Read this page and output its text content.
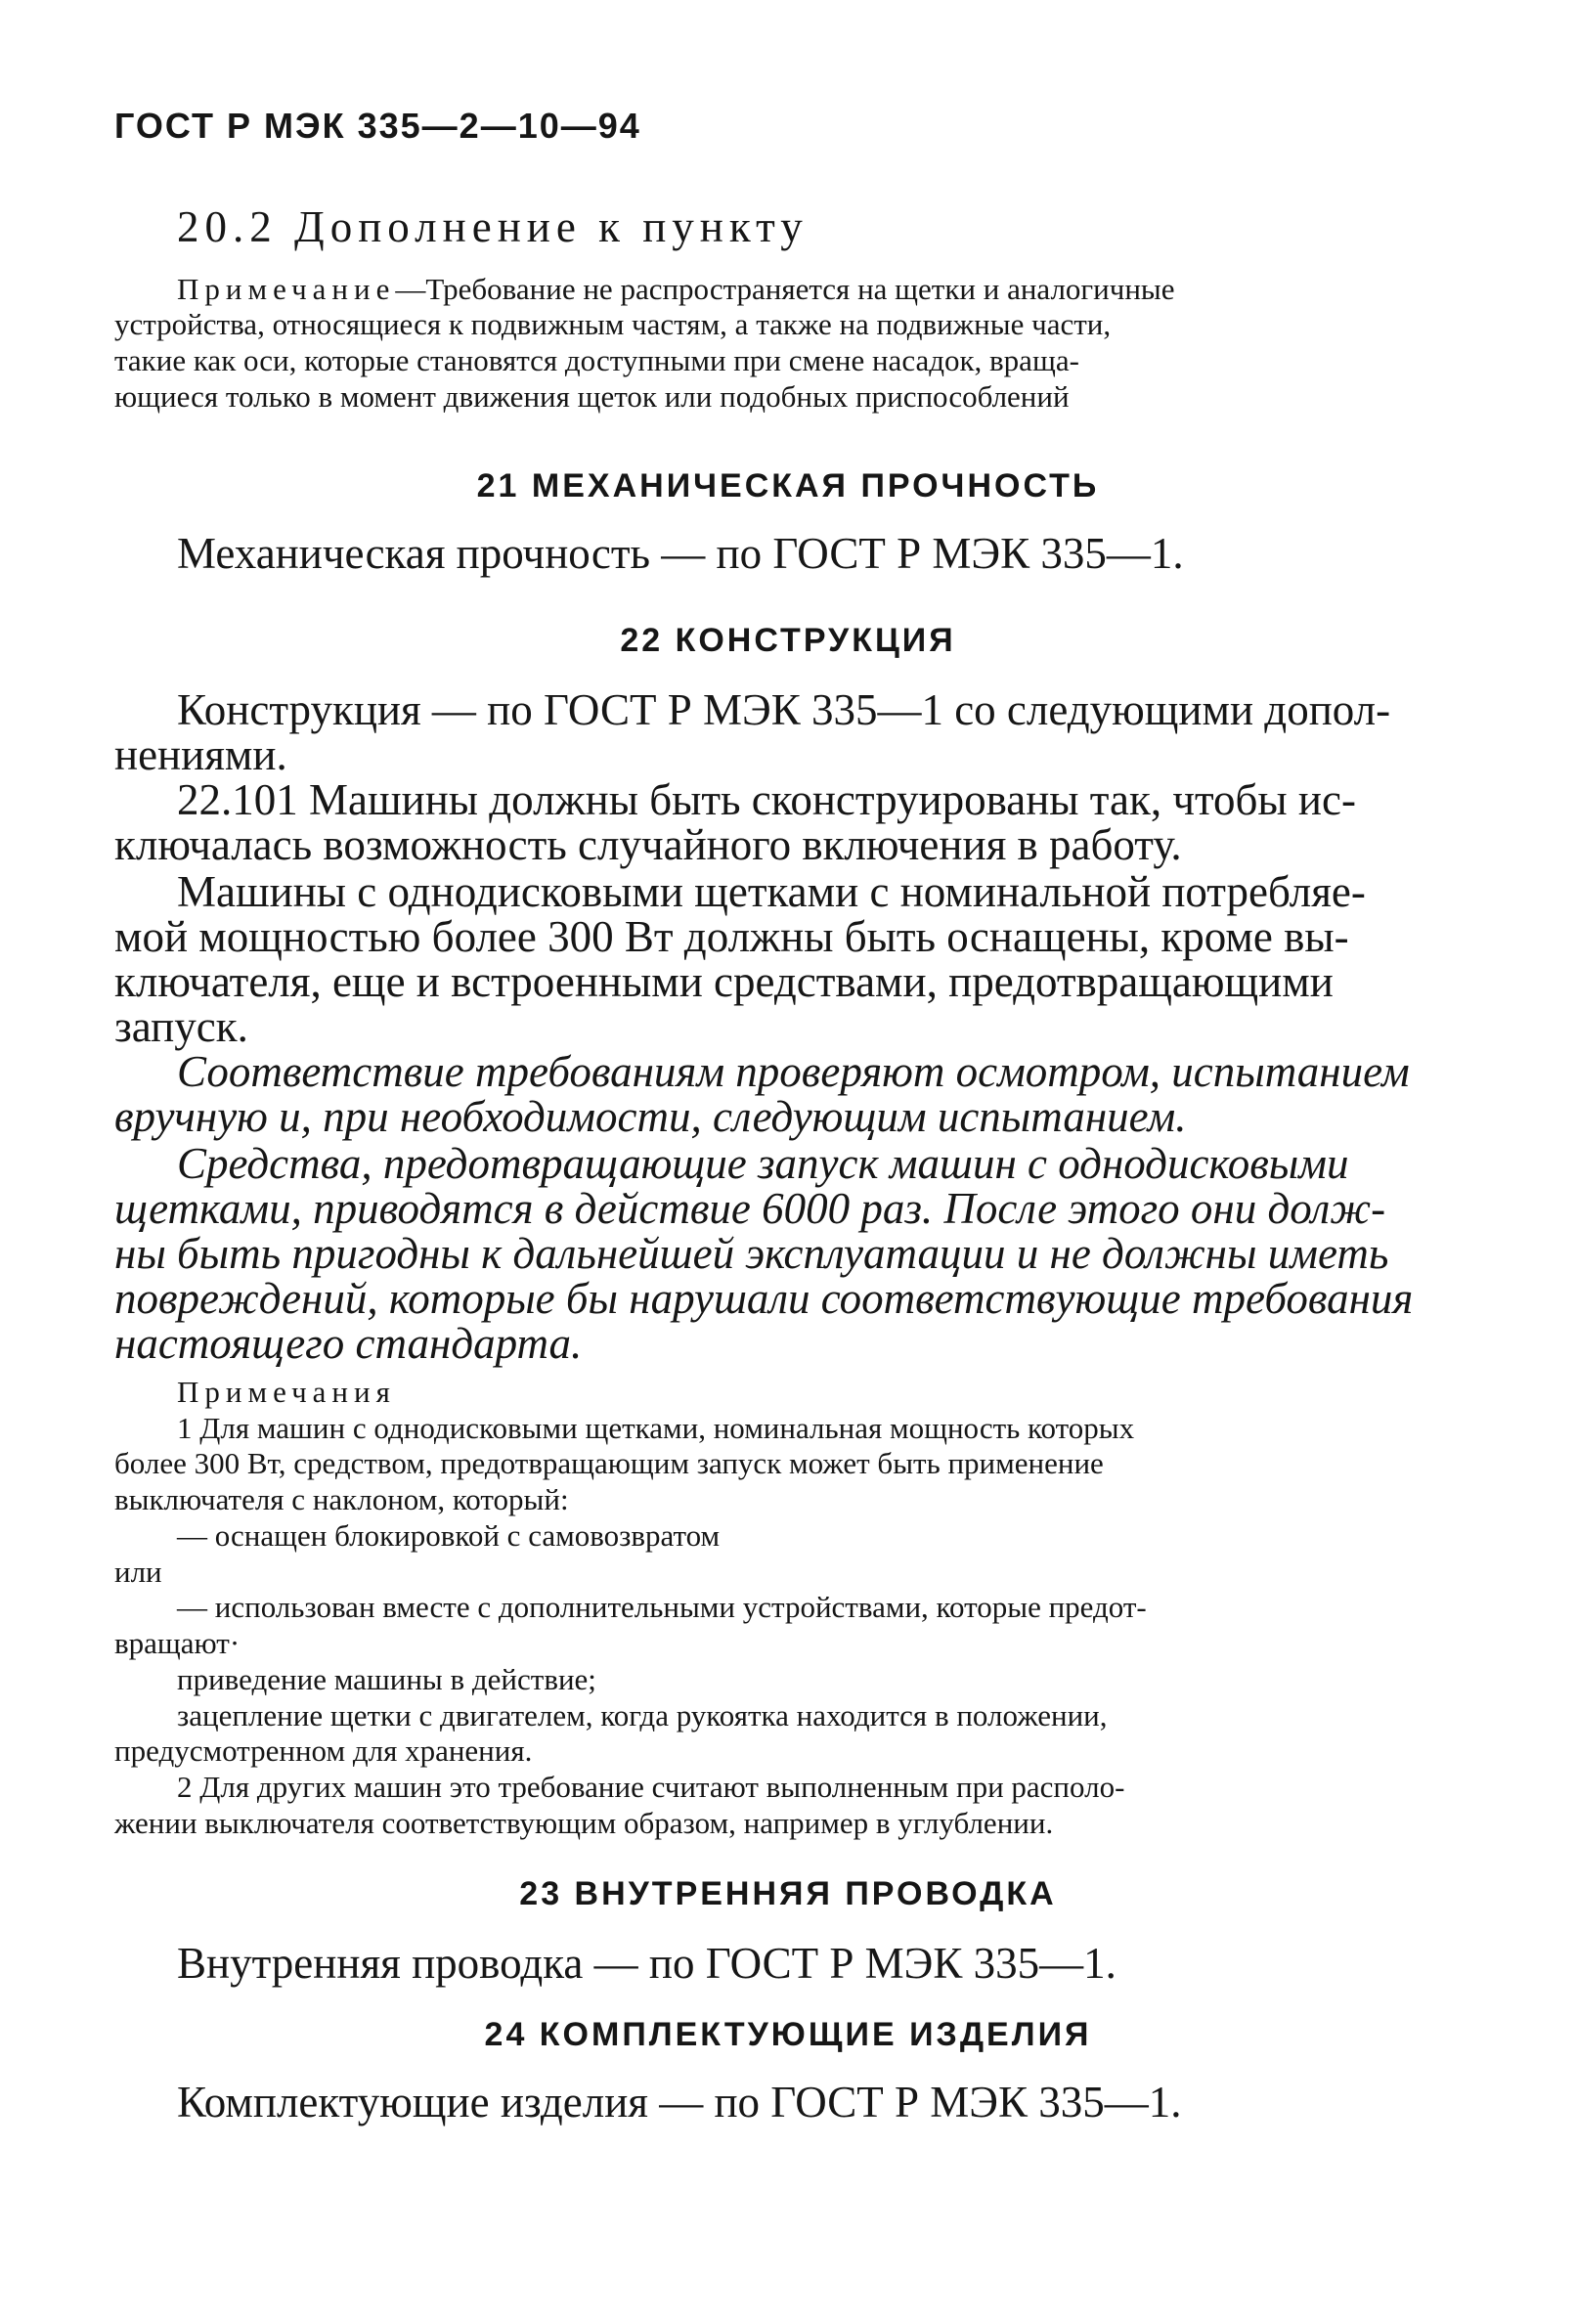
ГОСТ Р МЭК 335—2—10—94

20.2 Дополнение к пункту

Примечание—Требование не распространяется на щетки и аналогичные
устройства, относящиеся к подвижным частям, а также на подвижные части,
такие как оси, которые становятся доступными при смене насадок, враща-
ющиеся только в момент движения щеток или подобных приспособлений

21 МЕХАНИЧЕСКАЯ ПРОЧНОСТЬ

Механическая прочность — по ГОСТ Р МЭК 335—1.

22 КОНСТРУКЦИЯ

Конструкция — по ГОСТ Р МЭК 335—1 со следующими допол-

нениями.

22.101 Машины должны быть сконструированы так, чтобы ис-

ключалась возможность случайного включения в работу.

Машины с однодисковыми щетками с номинальной потребляе-

мой мощностью более 300 Вт должны быть оснащены, кроме вы-

ключателя, еще и встроенными средствами, предотвращающими

запуск.

Соответствие требованиям проверяют осмотром, испытанием

вручную и, при необходимости, следующим испытанием.

Средства, предотвращающие запуск машин с однодисковыми

щетками, приводятся в действие 6000 раз. После этого они долж-

ны быть пригодны к дальнейшей эксплуатации и не должны иметь

повреждений, которые бы нарушали соответствующие требования

настоящего стандарта.

Примечания

1 Для машин с однодисковыми щетками, номинальная мощность которых

более 300 Вт, средством, предотвращающим запуск может быть применение

выключателя с наклоном, который:

— оснащен блокировкой с самовозвратом

или

— использован вместе с дополнительными устройствами, которые предот-

вращают·

приведение машины в действие;

зацепление щетки с двигателем, когда рукоятка находится в положении,

предусмотренном для хранения.

2 Для других машин это требование считают выполненным при располо-

жении выключателя соответствующим образом, например в углублении.

23 ВНУТРЕННЯЯ ПРОВОДКА

Внутренняя проводка — по ГОСТ Р МЭК 335—1.

24 КОМПЛЕКТУЮЩИЕ ИЗДЕЛИЯ

Комплектующие изделия — по ГОСТ Р МЭК 335—1.
